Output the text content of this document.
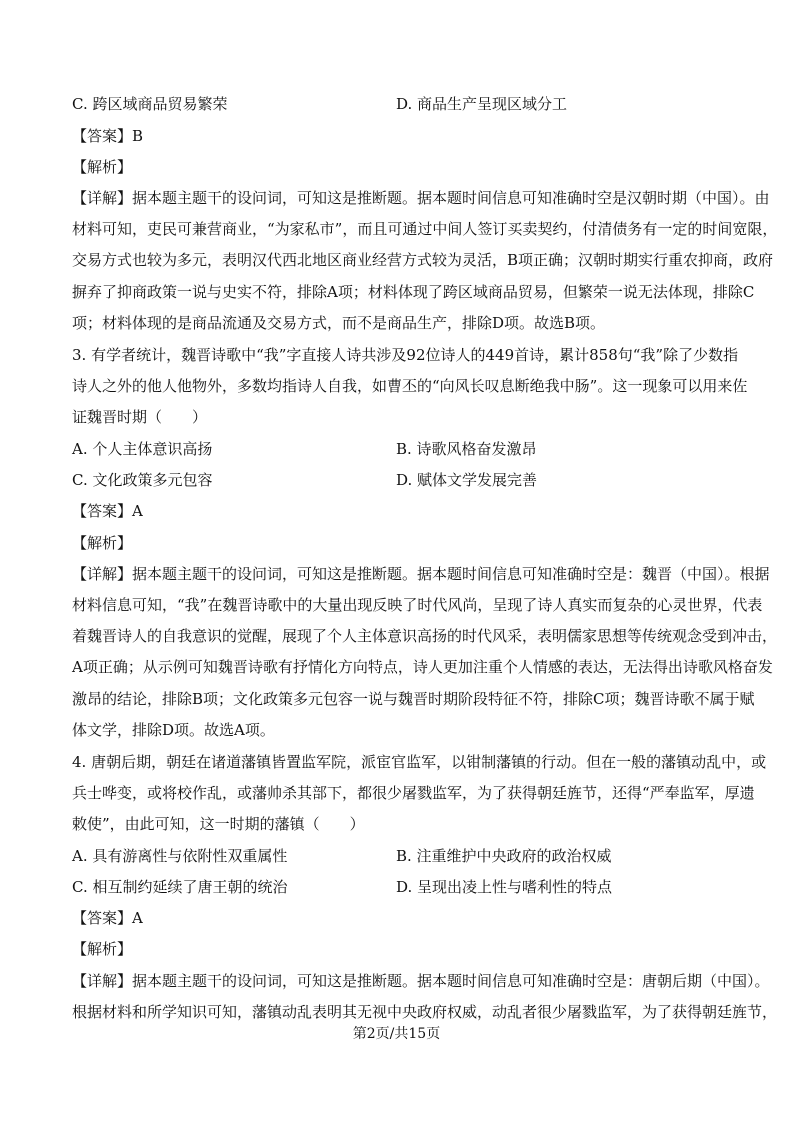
C. 跨区域商品贸易繁荣	D. 商品生产呈现区域分工
【答案】B
【解析】
【详解】据本题主题干的设问词，可知这是推断题。据本题时间信息可知准确时空是汉朝时期（中国）。由
材料可知，吏民可兼营商业，“为家私市”，而且可通过中间人签订买卖契约，付清债务有一定的时间宽限，
交易方式也较为多元，表明汉代西北地区商业经营方式较为灵活，B项正确；汉朝时期实行重农抑商，政府
摒弃了抑商政策一说与史实不符，排除A项；材料体现了跨区域商品贸易，但繁荣一说无法体现，排除C
项；材料体现的是商品流通及交易方式，而不是商品生产，排除D项。故选B项。
3. 有学者统计，魏晋诗歌中“我”字直接人诗共涉及92位诗人的449首诗，累计858句“我”除了少数指
诗人之外的他人他物外，多数均指诗人自我，如曹丕的“向风长叹息断绝我中肠”。这一现象可以用来佐
证魏晋时期（　　）
A. 个人主体意识高扬	B. 诗歌风格奋发激昂
C. 文化政策多元包容	D. 赋体文学发展完善
【答案】A
【解析】
【详解】据本题主题干的设问词，可知这是推断题。据本题时间信息可知准确时空是：魏晋（中国）。根据
材料信息可知，“我”在魏晋诗歌中的大量出现反映了时代风尚，呈现了诗人真实而复杂的心灵世界，代表
着魏晋诗人的自我意识的觉醒，展现了个人主体意识高扬的时代风采，表明儒家思想等传统观念受到冲击，
A项正确；从示例可知魏晋诗歌有抒情化方向特点，诗人更加注重个人情感的表达，无法得出诗歌风格奋发
激昂的结论，排除B项；文化政策多元包容一说与魏晋时期阶段特征不符，排除C项；魏晋诗歌不属于赋
体文学，排除D项。故选A项。
4. 唐朝后期，朝廷在诸道藩镇皆置监军院，派宦官监军，以钳制藩镇的行动。但在一般的藩镇动乱中，或
兵士哗变，或将校作乱，或藩帅杀其部下，都很少屠戮监军，为了获得朝廷旌节，还得“严奉监军，厚遗
敕使”，由此可知，这一时期的藩镇（　　）
A. 具有游离性与依附性双重属性	B. 注重维护中央政府的政治权威
C. 相互制约延续了唐王朝的统治	D. 呈现出凌上性与嗜利性的特点
【答案】A
【解析】
【详解】据本题主题干的设问词，可知这是推断题。据本题时间信息可知准确时空是：唐朝后期（中国）。
根据材料和所学知识可知，藩镇动乱表明其无视中央政府权威，动乱者很少屠戮监军，为了获得朝廷旌节，
第2页/共15页
